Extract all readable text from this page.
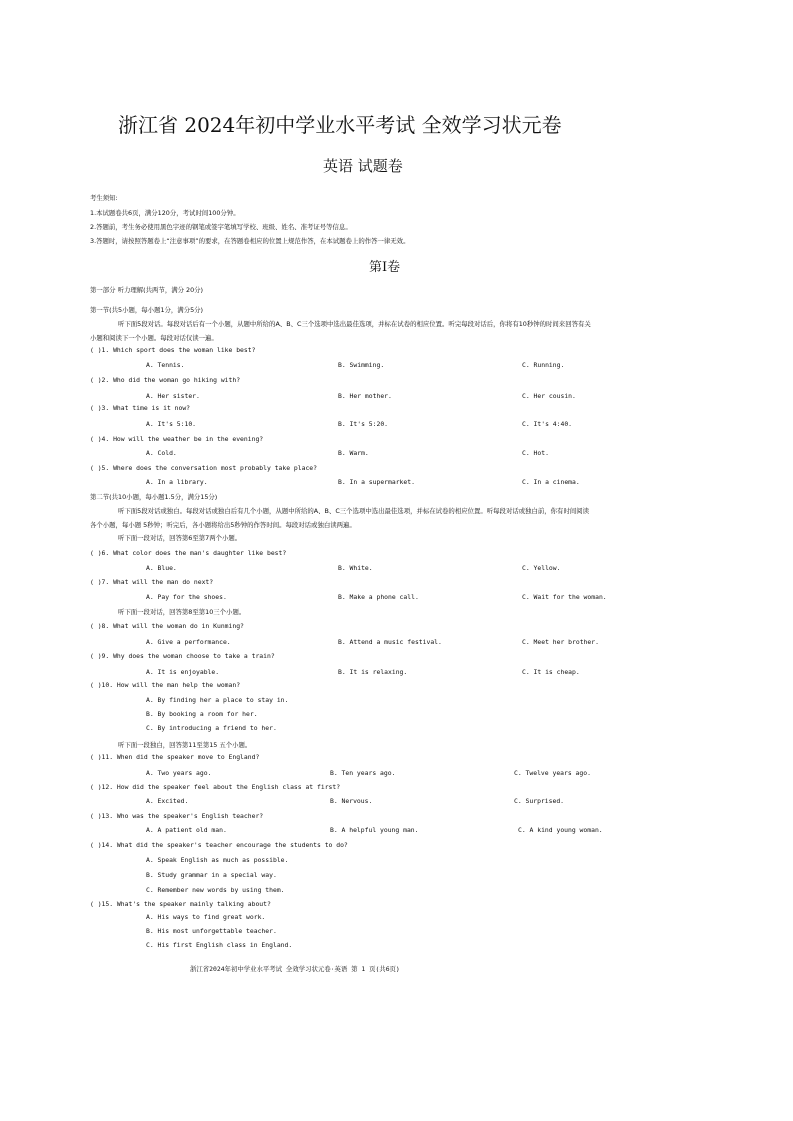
浙江省 2024年初中学业水平考试 全效学习状元卷
英语 试题卷
考生须知:
1.本试题卷共6页，满分120分，考试时间100分钟。
2.答题前，考生务必使用黑色字迹的钢笔或签字笔填写学校、班级、姓名、准考证号等信息。
3.答题时，请按照答题卷上“注意事项”的要求，在答题卷相应的位置上规范作答，在本试题卷上的作答一律无效。
第Ⅰ卷
第一部分 听力理解(共两节，满分 20分)
第一节(共5小题，每小题1分，满分5分)
听下面5段对话。每段对话后有一个小题，从题中所给的A、B、C三个选项中选出最佳选项，并标在试卷的相应位置。听完每段对话后，你将有10秒钟的时间来回答有关
小题和阅读下一个小题。每段对话仅读一遍。
( )1. Which sport does the woman like best?
A. Tennis.	B. Swimming.	C. Running.
( )2. Who did the woman go hiking with?
A. Her sister.	B. Her mother.	C. Her cousin.
( )3. What time is it now?
A. It's 5:10.	B. It's 5:20.	C. It's 4:40.
( )4. How will the weather be in the evening?
A. Cold.	B. Warm.	C. Hot.
( )5. Where does the conversation most probably take place?
A. In a library.	B. In a supermarket.	C. In a cinema.
第二节(共10小题，每小题1.5分，满分15分)
听下面5段对话或独白。每段对话或独白后有几个小题，从题中所给的A、B、C三个选项中选出最佳选项，并标在试卷的相应位置。听每段对话或独白前，你有时间阅读
各个小题，每小题 5秒钟；听完后，各小题将给出5秒钟的作答时间。每段对话或独白读两遍。
听下面一段对话，回答第6至第7两个小题。
( )6. What color does the man's daughter like best?
A. Blue.	B. White.	C. Yellow.
( )7. What will the man do next?
A. Pay for the shoes.	B. Make a phone call.	C. Wait for the woman.
听下面一段对话，回答第8至第10三个小题。
( )8. What will the woman do in Kunming?
A. Give a performance.	B. Attend a music festival.	C. Meet her brother.
( )9. Why does the woman choose to take a train?
A. It is enjoyable.	B. It is relaxing.	C. It is cheap.
( )10. How will the man help the woman?
A. By finding her a place to stay in.
B. By booking a room for her.
C. By introducing a friend to her.
听下面一段独白，回答第11至第15 五个小题。
( )11. When did the speaker move to England?
A. Two years ago.	B. Ten years ago.	C. Twelve years ago.
( )12. How did the speaker feel about the English class at first?
A. Excited.	B. Nervous.	C. Surprised.
( )13. Who was the speaker's English teacher?
A. A patient old man.	B. A helpful young man.	C. A kind young woman.
( )14. What did the speaker's teacher encourage the students to do?
A. Speak English as much as possible.
B. Study grammar in a special way.
C. Remember new words by using them.
( )15. What's the speaker mainly talking about?
A. His ways to find great work.
B. His most unforgettable teacher.
C. His first English class in England.
浙江省2024年初中学业水平考试 全效学习状元卷·英语 第 1 页(共6页)
